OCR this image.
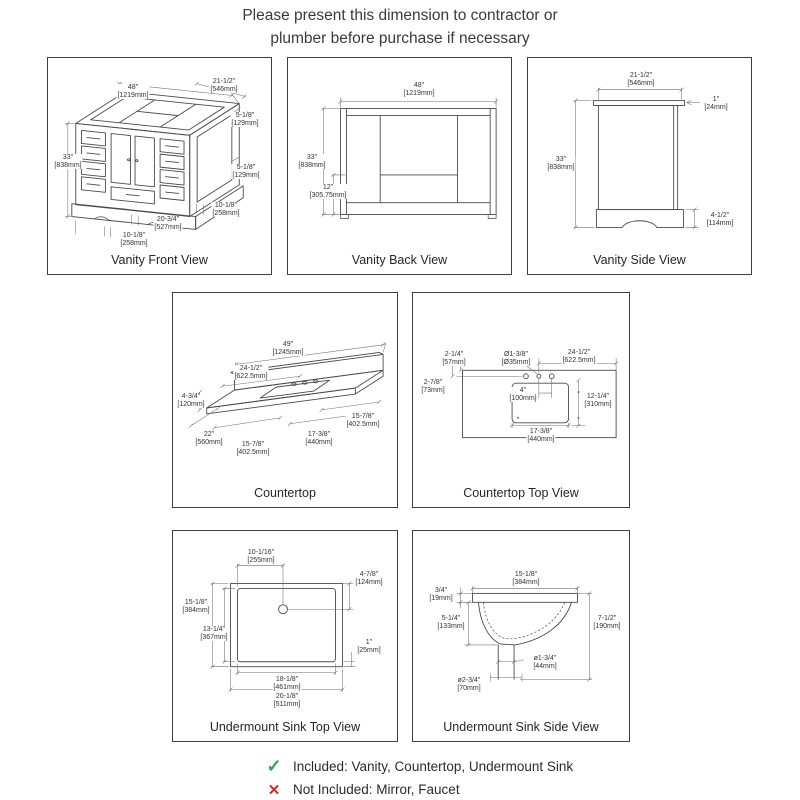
Please present this dimension to contractor or
plumber before purchase if necessary
48"
[1219mm]
21-1/2"
[546mm]
5-1/8"
[129mm]
33"
[838mm]	5-1/8"
[129mm]
10-1/8"
[258mm]
20-3/4"
[527mm]
10-1/8"
[258mm]
Vanity Front View
48"
[1219mm]
33"
[838mm]
12"
[305.75mm]
Vanity Back View
21-1/2"
[546mm]
1"
[24mm]
33"
[838mm]
4-1/2"
[114mm]
Vanity Side View
49"
[1245mm]
24-1/2"
[622.5mm]
4-3/4"
[120mm]
22"
[560mm]	15-7/8"
[402.5mm]
17-3/8"
[440mm]
15-7/8"
[402.5mm]
Countertop
2-1/4"
[57mm]
Ø1-3/8"
[Ø35mm]
24-1/2"
[622.5mm]
2-7/8"
[73mm]	4"
[100mm]	12-1/4"
[310mm]
17-3/8"
[440mm]
Countertop Top View
10-1/16"
[255mm]
4-7/8"
[124mm]
15-1/8"
[384mm]
13-1/4"
[367mm]
1"
[25mm]
18-1/8"
[461mm]
20-1/8"
[511mm]
Undermount Sink Top View
15-1/8"
[384mm]
3/4"
[19mm]
5-1/4"
[133mm]
7-1/2"
[190mm]
ø1-3/4"
[44mm]
ø2-3/4"
[70mm]
Undermount Sink Side View
✓ Included: Vanity, Countertop, Undermount Sink
✕ Not Included: Mirror, Faucet
